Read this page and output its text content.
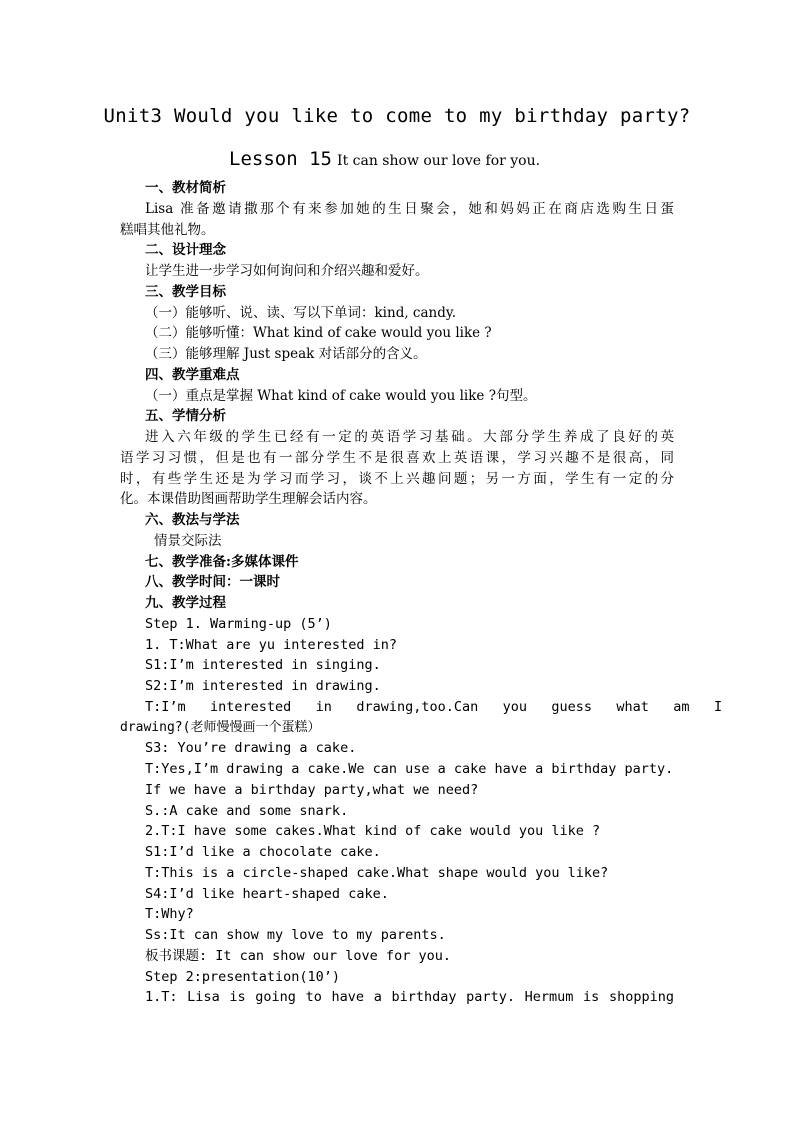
Unit3 Would you like to come to my birthday party?
Lesson 15 It can show our love for you.
一、教材简析
Lisa 准备邀请撒那个有来参加她的生日聚会，她和妈妈正在商店选购生日蛋
糕唱其他礼物。
二、设计理念
让学生进一步学习如何询问和介绍兴趣和爱好。
三、教学目标
（一）能够听、说、读、写以下单词：kind, candy.
（二）能够听懂：What kind of cake would you like ?
（三）能够理解 Just speak 对话部分的含义。
四、教学重难点
（一）重点是掌握 What kind of cake would you like ?句型。
五、学情分析
进入六年级的学生已经有一定的英语学习基础。大部分学生养成了良好的英
语学习习惯，但是也有一部分学生不是很喜欢上英语课，学习兴趣不是很高，同
时，有些学生还是为学习而学习，谈不上兴趣问题；另一方面，学生有一定的分
化。本课借助图画帮助学生理解会话内容。
六、教法与学法
情景交际法
七、教学准备:多媒体课件
八、教学时间：一课时
九、教学过程
Step 1. Warming-up (5’)
1. T:What are yu interested in?
S1:I’m interested in singing.
S2:I’m interested in drawing.
T:I’m   interested   in   drawing,too.Can   you   guess   what   am   I
drawing?(老师慢慢画一个蛋糕）
S3: You’re drawing a cake.
T:Yes,I’m drawing a cake.We can use a cake have a birthday party.
If we have a birthday party,what we need?
S.:A cake and some snark.
2.T:I have some cakes.What kind of cake would you like ?
S1:I’d like a chocolate cake.
T:This is a circle-shaped cake.What shape would you like?
S4:I’d like heart-shaped cake.
T:Why?
Ss:It can show my love to my parents.
板书课题: It can show our love for you.
Step 2:presentation(10’)
1.T: Lisa is going to have a birthday party. Hermum is shopping
